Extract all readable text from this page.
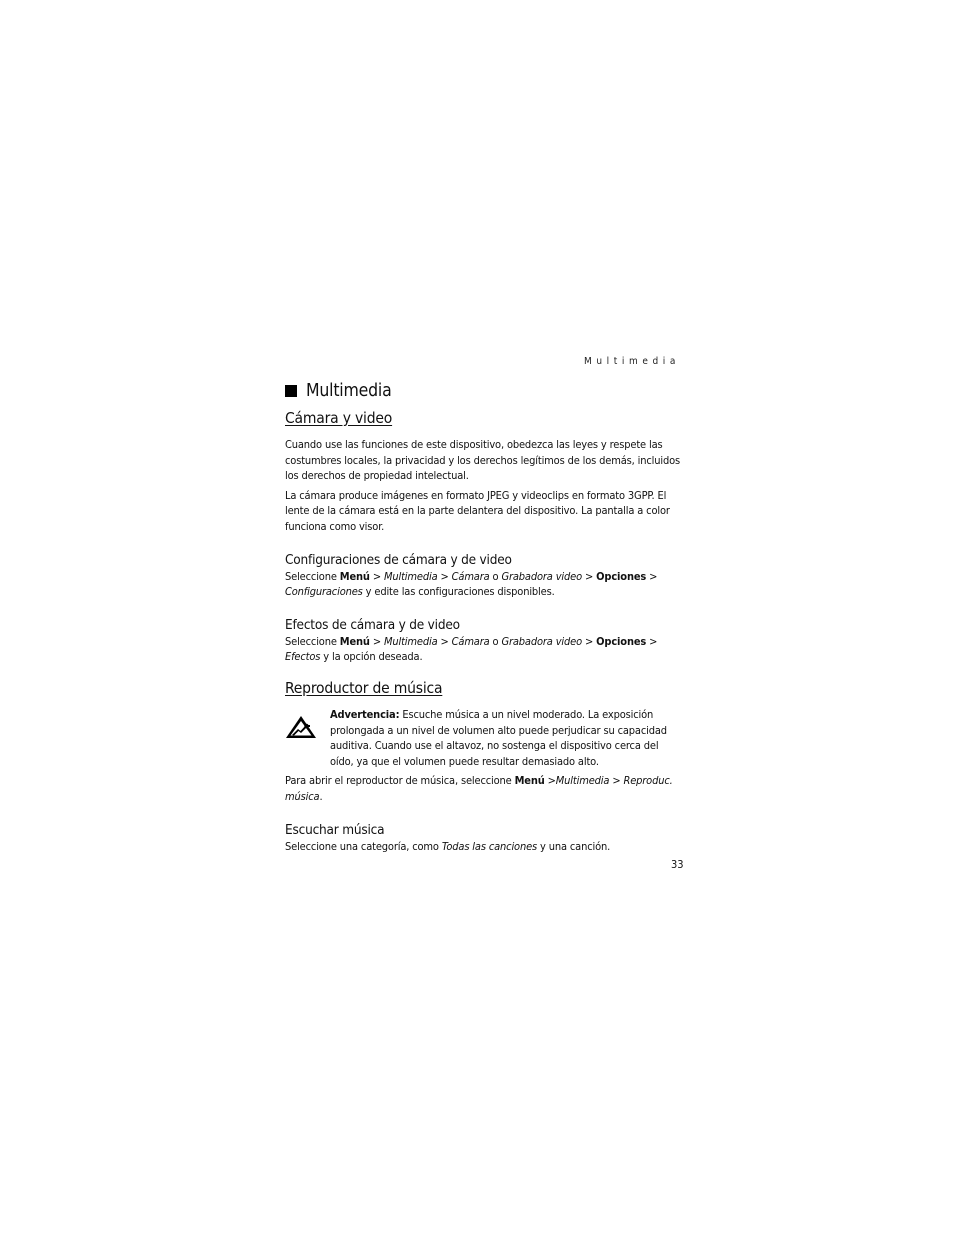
Multimedia
Multimedia
Cámara y video

Cuando use las funciones de este dispositivo, obedezca las leyes y respete las costumbres locales, la privacidad y los derechos legítimos de los demás, incluidos los derechos de propiedad intelectual.

La cámara produce imágenes en formato JPEG y videoclips en formato 3GPP. El lente de la cámara está en la parte delantera del dispositivo. La pantalla a color funciona como visor.

Configuraciones de cámara y de video

Seleccione Menú > Multimedia > Cámara o Grabadora video > Opciones > Configuraciones y edite las configuraciones disponibles.

Efectos de cámara y de video

Seleccione Menú > Multimedia > Cámara o Grabadora video > Opciones > Efectos y la opción deseada.

Reproductor de música

Advertencia: Escuche música a un nivel moderado. La exposición prolongada a un nivel de volumen alto puede perjudicar su capacidad auditiva. Cuando use el altavoz, no sostenga el dispositivo cerca del oído, ya que el volumen puede resultar demasiado alto.

Para abrir el reproductor de música, seleccione Menú >Multimedia > Reproduc. música.

Escuchar música

Seleccione una categoría, como Todas las canciones y una canción.

33
